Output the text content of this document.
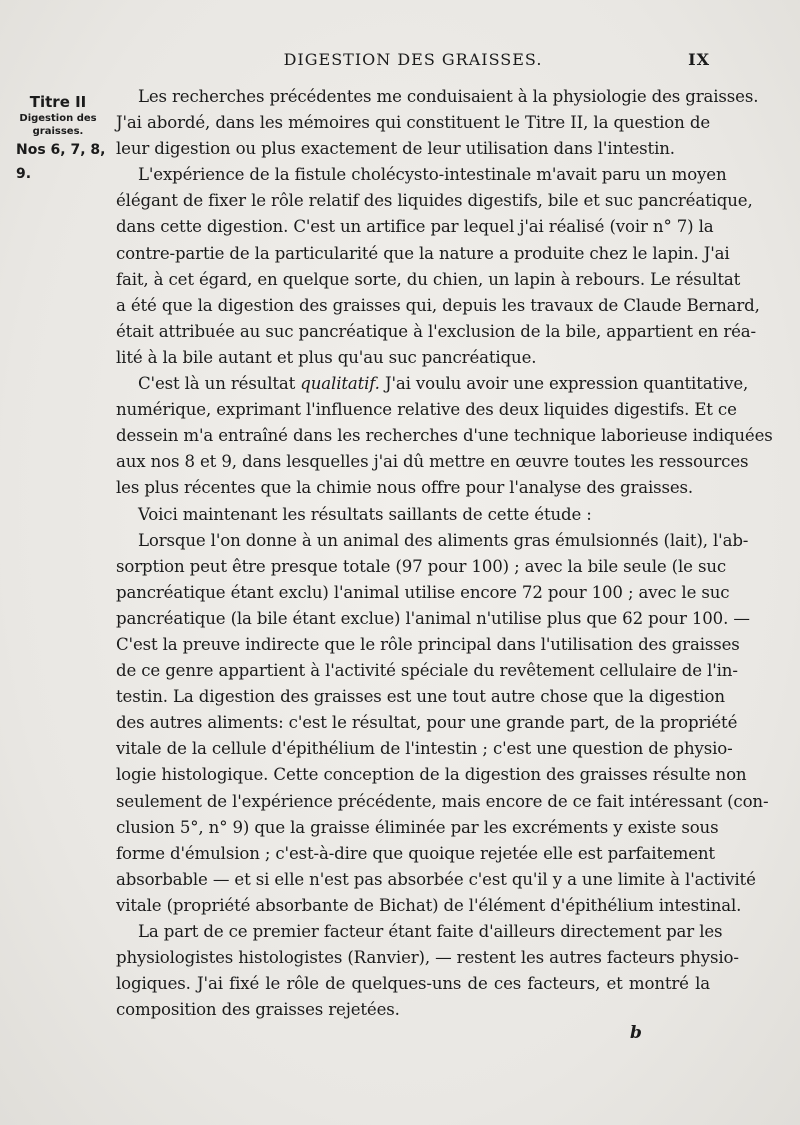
DIGESTION DES GRAISSES.	IX
Titre II
Digestion des
graisses.
Nos 6, 7, 8, 9.
Les recherches précédentes me conduisaient à la physiologie des graisses.
J'ai abordé, dans les mémoires qui constituent le Titre II, la question de
leur digestion ou plus exactement de leur utilisation dans l'intestin.
L'expérience de la fistule cholécysto-intestinale m'avait paru un moyen
élégant de fixer le rôle relatif des liquides digestifs, bile et suc pancréatique,
dans cette digestion. C'est un artifice par lequel j'ai réalisé (voir n° 7) la
contre-partie de la particularité que la nature a produite chez le lapin. J'ai
fait, à cet égard, en quelque sorte, du chien, un lapin à rebours. Le résultat
a été que la digestion des graisses qui, depuis les travaux de Claude Bernard,
était attribuée au suc pancréatique à l'exclusion de la bile, appartient en réa-
lité à la bile autant et plus qu'au suc pancréatique.
C'est là un résultat qualitatif. J'ai voulu avoir une expression quantitative,
numérique, exprimant l'influence relative des deux liquides digestifs. Et ce
dessein m'a entraîné dans les recherches d'une technique laborieuse indiquées
aux nos 8 et 9, dans lesquelles j'ai dû mettre en œuvre toutes les ressources
les plus récentes que la chimie nous offre pour l'analyse des graisses.
Voici maintenant les résultats saillants de cette étude :
Lorsque l'on donne à un animal des aliments gras émulsionnés (lait), l'ab-
sorption peut être presque totale (97 pour 100) ; avec la bile seule (le suc
pancréatique étant exclu) l'animal utilise encore 72 pour 100 ; avec le suc
pancréatique (la bile étant exclue) l'animal n'utilise plus que 62 pour 100. —
C'est la preuve indirecte que le rôle principal dans l'utilisation des graisses
de ce genre appartient à l'activité spéciale du revêtement cellulaire de l'in-
testin. La digestion des graisses est une tout autre chose que la digestion
des autres aliments: c'est le résultat, pour une grande part, de la propriété
vitale de la cellule d'épithélium de l'intestin ; c'est une question de physio-
logie histologique. Cette conception de la digestion des graisses résulte non
seulement de l'expérience précédente, mais encore de ce fait intéressant (con-
clusion 5°, n° 9) que la graisse éliminée par les excréments y existe sous
forme d'émulsion ; c'est-à-dire que quoique rejetée elle est parfaitement
absorbable — et si elle n'est pas absorbée c'est qu'il y a une limite à l'activité
vitale (propriété absorbante de Bichat) de l'élément d'épithélium intestinal.
La part de ce premier facteur étant faite d'ailleurs directement par les
physiologistes histologistes (Ranvier), — restent les autres facteurs physio-
logiques. J'ai fixé le rôle de quelques-uns de ces facteurs, et montré la
composition des graisses rejetées.
b
